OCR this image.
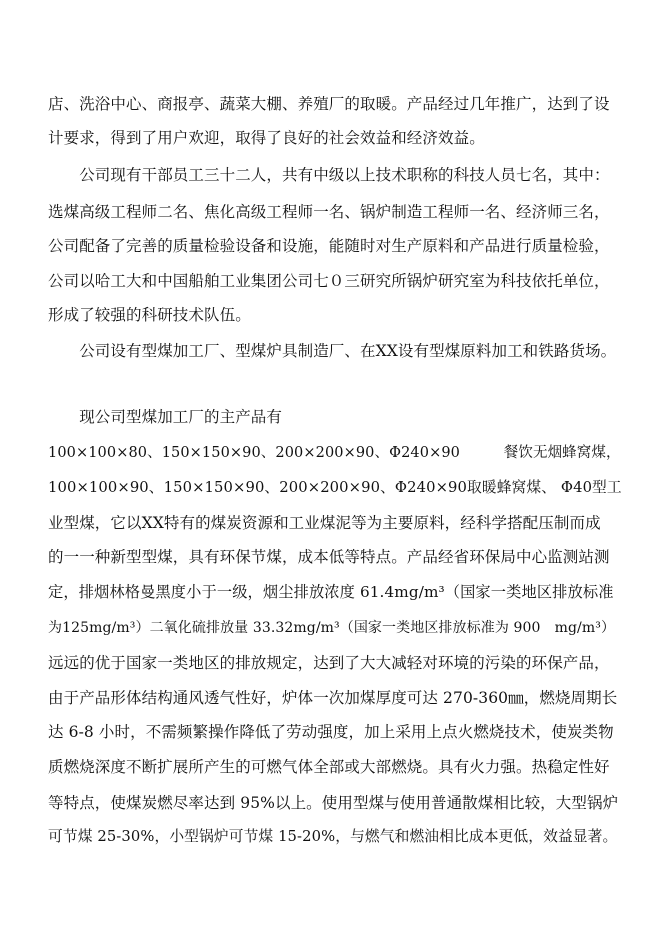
店、洗浴中心、商报亭、蔬菜大棚、养殖厂的取暖。产品经过几年推广，达到了设
计要求，得到了用户欢迎，取得了良好的社会效益和经济效益。
　　公司现有干部员工三十二人，共有中级以上技术职称的科技人员七名，其中：
选煤高级工程师二名、焦化高级工程师一名、锅炉制造工程师一名、经济师三名，
公司配备了完善的质量检验设备和设施，能随时对生产原料和产品进行质量检验，
公司以哈工大和中国船舶工业集团公司七０三研究所锅炉研究室为科技依托单位，
形成了较强的科研技术队伍。
　　公司设有型煤加工厂、型煤炉具制造厂、在XX设有型煤原料加工和铁路货场。
　　现公司型煤加工厂的主产品有
100×100×80、150×150×90、200×200×90、Φ240×90　　　餐饮无烟蜂窝煤，
100×100×90、150×150×90、200×200×90、Φ240×90取暖蜂窝煤、 Φ40型工
业型煤，它以XX特有的煤炭资源和工业煤泥等为主要原料，经科学搭配压制而成
的一一种新型型煤，具有环保节煤，成本低等特点。产品经省环保局中心监测站测
定，排烟林格曼黑度小于一级，烟尘排放浓度 61.4mg/m³（国家一类地区排放标准
为125mg/m³）二氧化硫排放量 33.32mg/m³（国家一类地区排放标准为 900　mg/m³）
远远的优于国家一类地区的排放规定，达到了大大减轻对环境的污染的环保产品，
由于产品形体结构通风透气性好，炉体一次加煤厚度可达 270-360㎜，燃烧周期长
达 6-8 小时，不需频繁操作降低了劳动强度，加上采用上点火燃烧技术，使炭类物
质燃烧深度不断扩展所产生的可燃气体全部或大部燃烧。具有火力强。热稳定性好
等特点，使煤炭燃尽率达到 95%以上。使用型煤与使用普通散煤相比较，大型锅炉
可节煤 25-30%，小型锅炉可节煤 15-20%，与燃气和燃油相比成本更低，效益显著。
